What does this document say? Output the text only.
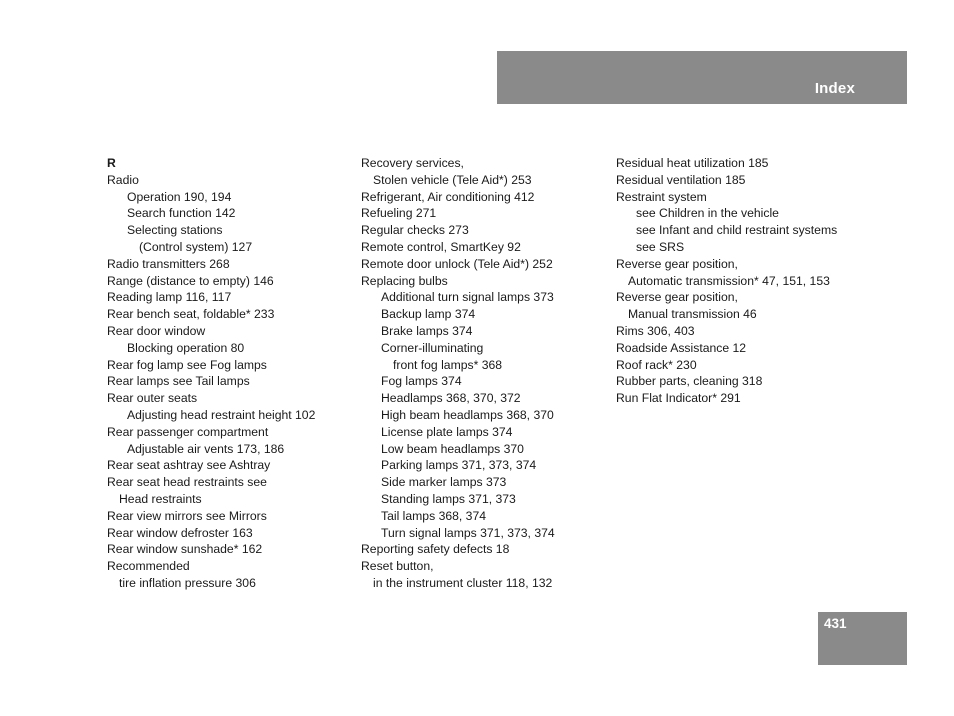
Index
R
Radio
Operation 190, 194
Search function 142
Selecting stations
(Control system) 127
Radio transmitters 268
Range (distance to empty) 146
Reading lamp 116, 117
Rear bench seat, foldable* 233
Rear door window
Blocking operation 80
Rear fog lamp see Fog lamps
Rear lamps see Tail lamps
Rear outer seats
Adjusting head restraint height 102
Rear passenger compartment
Adjustable air vents 173, 186
Rear seat ashtray see Ashtray
Rear seat head restraints see
Head restraints
Rear view mirrors see Mirrors
Rear window defroster 163
Rear window sunshade* 162
Recommended
tire inflation pressure 306
Recovery services,
Stolen vehicle (Tele Aid*) 253
Refrigerant, Air conditioning 412
Refueling 271
Regular checks 273
Remote control, SmartKey 92
Remote door unlock (Tele Aid*) 252
Replacing bulbs
Additional turn signal lamps 373
Backup lamp 374
Brake lamps 374
Corner-illuminating
front fog lamps* 368
Fog lamps 374
Headlamps 368, 370, 372
High beam headlamps 368, 370
License plate lamps 374
Low beam headlamps 370
Parking lamps 371, 373, 374
Side marker lamps 373
Standing lamps 371, 373
Tail lamps 368, 374
Turn signal lamps 371, 373, 374
Reporting safety defects 18
Reset button,
in the instrument cluster 118, 132
Residual heat utilization 185
Residual ventilation 185
Restraint system
see Children in the vehicle
see Infant and child restraint systems
see SRS
Reverse gear position,
Automatic transmission* 47, 151, 153
Reverse gear position,
Manual transmission 46
Rims 306, 403
Roadside Assistance 12
Roof rack* 230
Rubber parts, cleaning 318
Run Flat Indicator* 291
431
